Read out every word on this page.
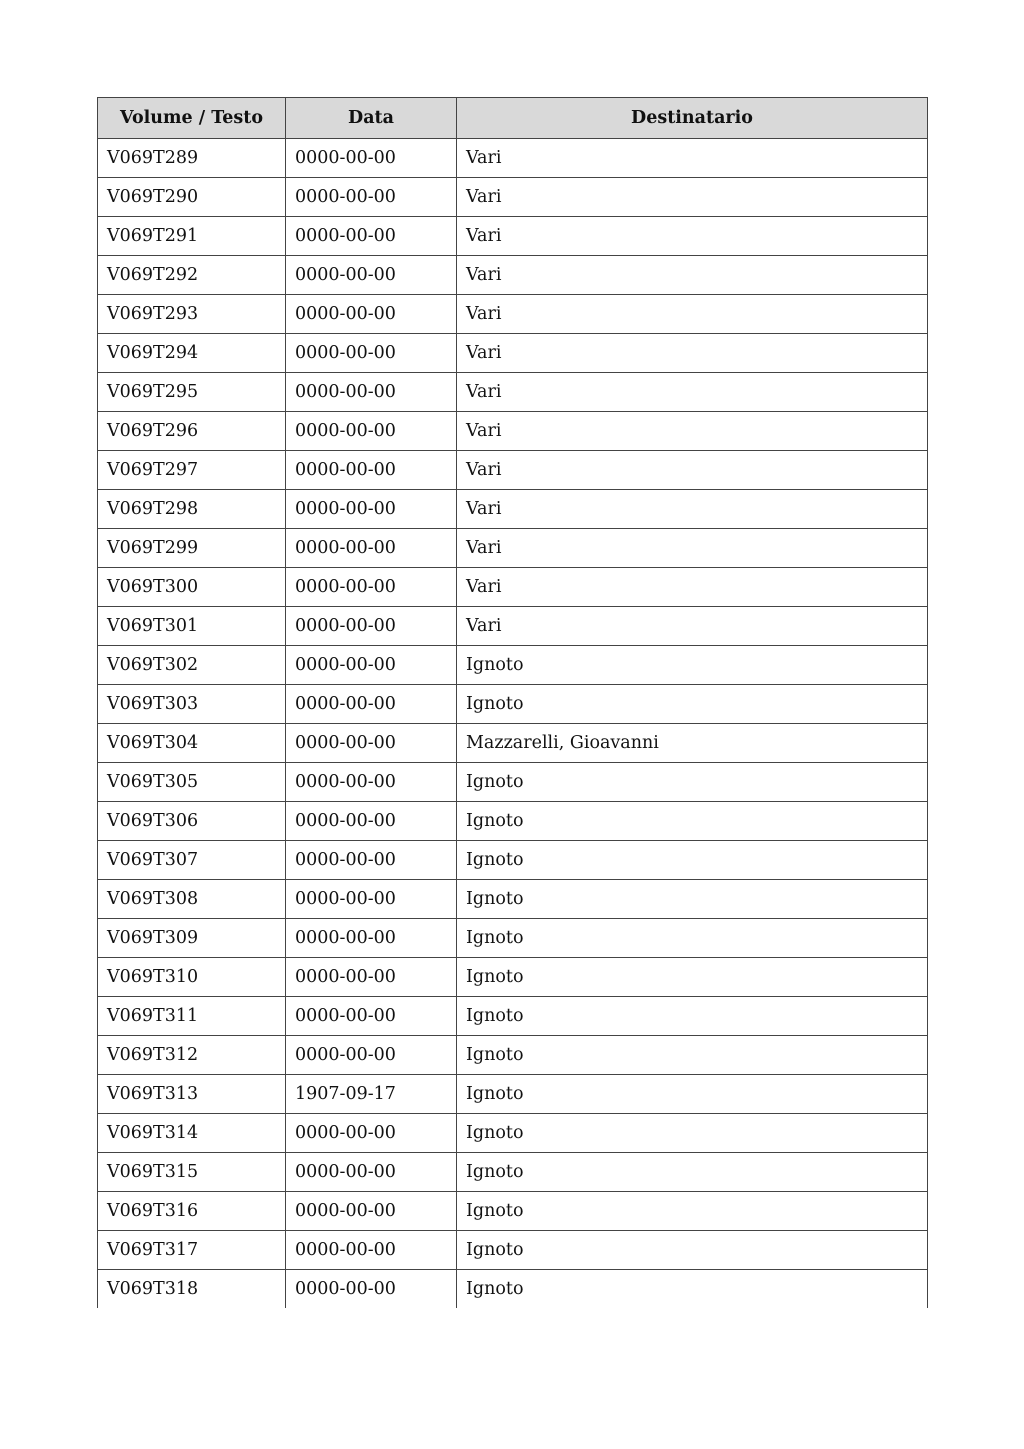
Volume / Testo	Data	Destinatario
V069T289	0000-00-00	Vari
V069T290	0000-00-00	Vari
V069T291	0000-00-00	Vari
V069T292	0000-00-00	Vari
V069T293	0000-00-00	Vari
V069T294	0000-00-00	Vari
V069T295	0000-00-00	Vari
V069T296	0000-00-00	Vari
V069T297	0000-00-00	Vari
V069T298	0000-00-00	Vari
V069T299	0000-00-00	Vari
V069T300	0000-00-00	Vari
V069T301	0000-00-00	Vari
V069T302	0000-00-00	Ignoto
V069T303	0000-00-00	Ignoto
V069T304	0000-00-00	Mazzarelli, Gioavanni
V069T305	0000-00-00	Ignoto
V069T306	0000-00-00	Ignoto
V069T307	0000-00-00	Ignoto
V069T308	0000-00-00	Ignoto
V069T309	0000-00-00	Ignoto
V069T310	0000-00-00	Ignoto
V069T311	0000-00-00	Ignoto
V069T312	0000-00-00	Ignoto
V069T313	1907-09-17	Ignoto
V069T314	0000-00-00	Ignoto
V069T315	0000-00-00	Ignoto
V069T316	0000-00-00	Ignoto
V069T317	0000-00-00	Ignoto
V069T318	0000-00-00	Ignoto
